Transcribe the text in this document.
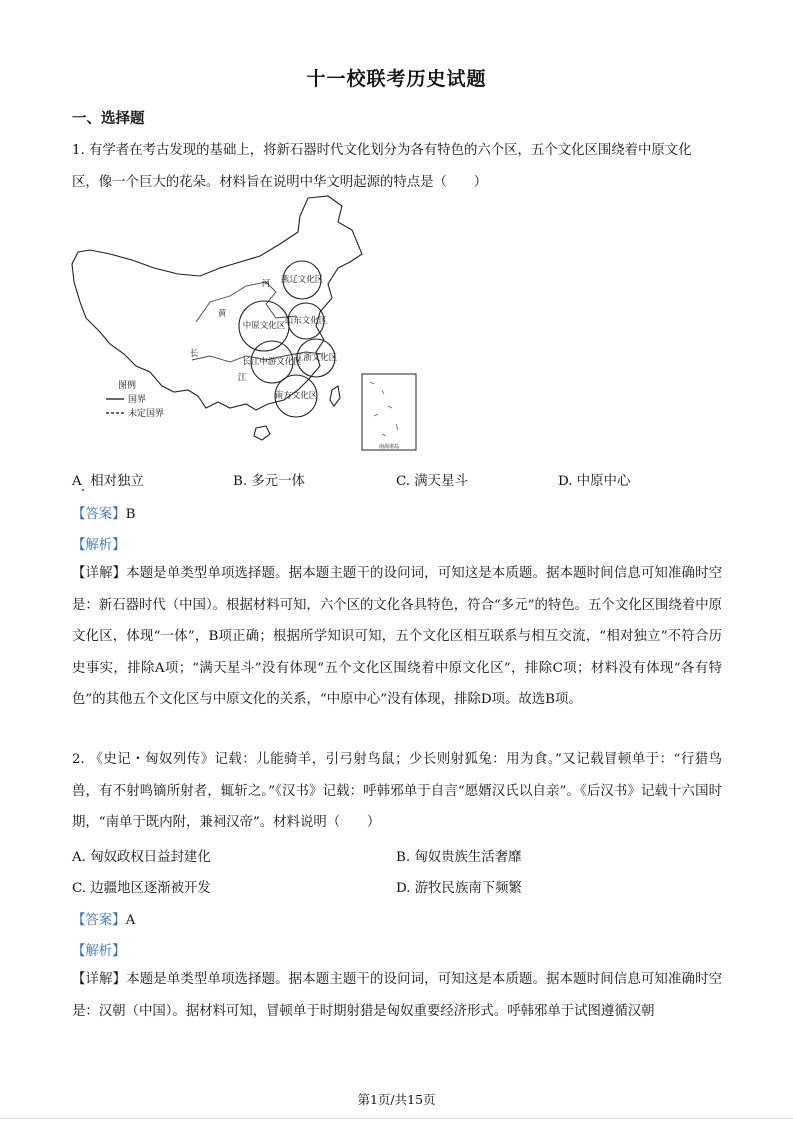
十一校联考历史试题
一、选择题
1. 有学者在考古发现的基础上，将新石器时代文化划分为各有特色的六个区，五个文化区围绕着中原文化
区，像一个巨大的花朵。材料旨在说明中华文明起源的特点是（　　）
燕辽文化区
中原文化区 山东文化区
长江中游文化区
江浙文化区
南方文化区
河
黄
长
江
图例
国界
未定国界
南海诸岛
A 相对独立	B. 多元一体	C. 满天星斗	D. 中原中心
【答案】B
【解析】
【详解】本题是单类型单项选择题。据本题主题干的设问词，可知这是本质题。据本题时间信息可知准确时空是：新石器时代（中国）。根据材料可知，六个区的文化各具特色，符合“多元”的特色。五个文化区围绕着中原文化区，体现“一体”，B项正确；根据所学知识可知，五个文化区相互联系与相互交流，“相对独立”不符合历史事实，排除A项；“满天星斗”没有体现“五个文化区围绕着中原文化区”，排除C项；材料没有体现“各有特色”的其他五个文化区与中原文化的关系，“中原中心”没有体现，排除D项。故选B项。
2. 《史记・匈奴列传》记载：儿能骑羊，引弓射鸟鼠；少长则射狐兔：用为食。”又记载冒顿单于：“行猎鸟兽，有不射鸣镝所射者，辄斩之。”《汉书》记载：呼韩邪单于自言“愿婿汉氏以自亲”。《后汉书》记载十六国时期，“南单于既内附，兼祠汉帝”。材料说明（　　）
A. 匈奴政权日益封建化	B. 匈奴贵族生活奢靡
C. 边疆地区逐渐被开发	D. 游牧民族南下频繁
【答案】A
【解析】
【详解】本题是单类型单项选择题。据本题主题干的设问词，可知这是本质题。据本题时间信息可知准确时空是：汉朝（中国）。据材料可知，冒顿单于时期射猎是匈奴重要经济形式。呼韩邪单于试图遵循汉朝
第1页/共15页
